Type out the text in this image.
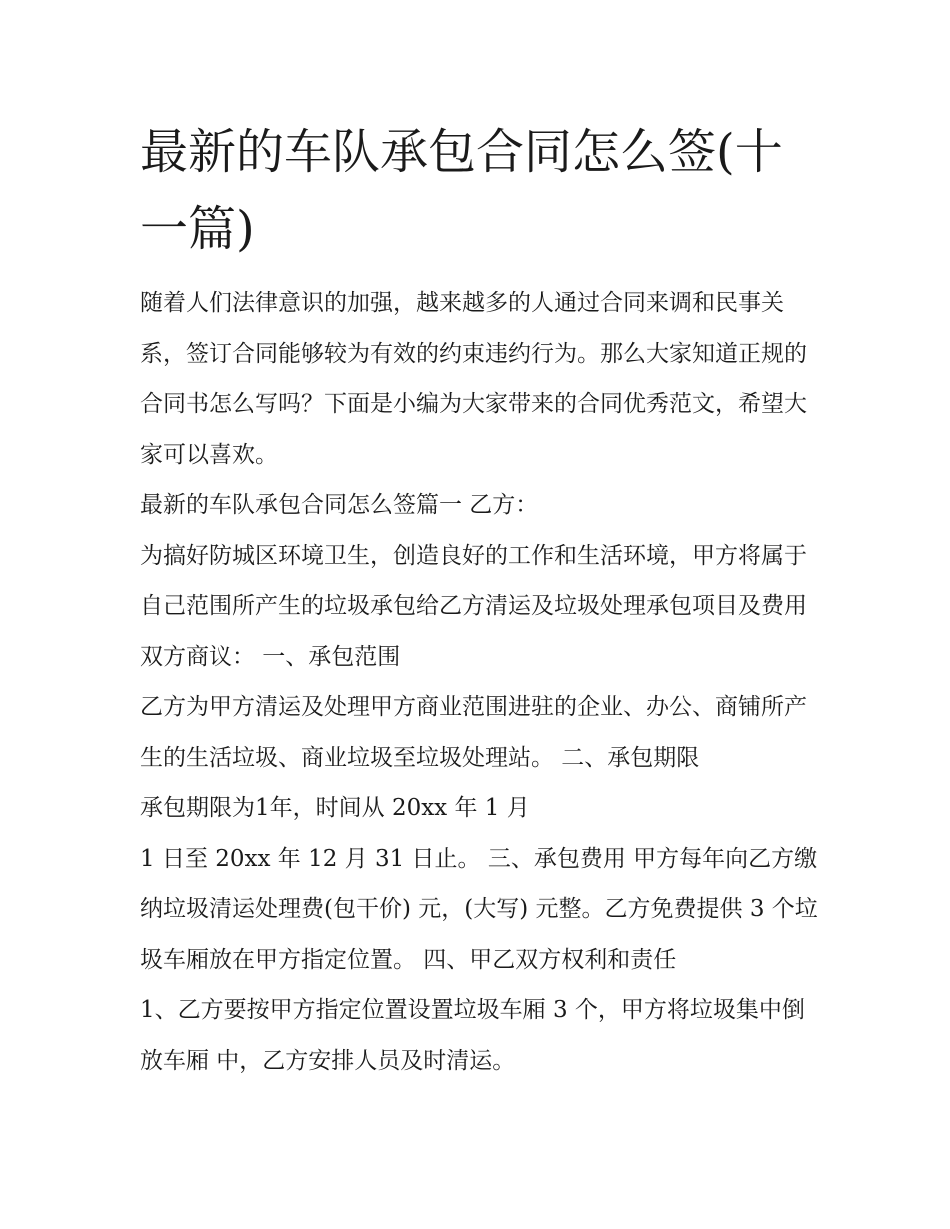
最新的车队承包合同怎么签(十一篇)

随着人们法律意识的加强，越来越多的人通过合同来调和民事关系，签订合同能够较为有效的约束违约行为。那么大家知道正规的合同书怎么写吗？下面是小编为大家带来的合同优秀范文，希望大家可以喜欢。

最新的车队承包合同怎么签篇一 乙方：

为搞好防城区环境卫生，创造良好的工作和生活环境，甲方将属于自己范围所产生的垃圾承包给乙方清运及垃圾处理承包项目及费用双方商议： 一、承包范围

乙方为甲方清运及处理甲方商业范围进驻的企业、办公、商铺所产生的生活垃圾、商业垃圾至垃圾处理站。 二、承包期限

承包期限为1年，时间从 20xx 年 1 月

1 日至 20xx 年 12 月 31 日止。 三、承包费用 甲方每年向乙方缴纳垃圾清运处理费(包干价) 元，(大写) 元整。乙方免费提供 3 个垃圾车厢放在甲方指定位置。 四、甲乙双方权利和责任

1、乙方要按甲方指定位置设置垃圾车厢 3 个，甲方将垃圾集中倒放车厢 中，乙方安排人员及时清运。
